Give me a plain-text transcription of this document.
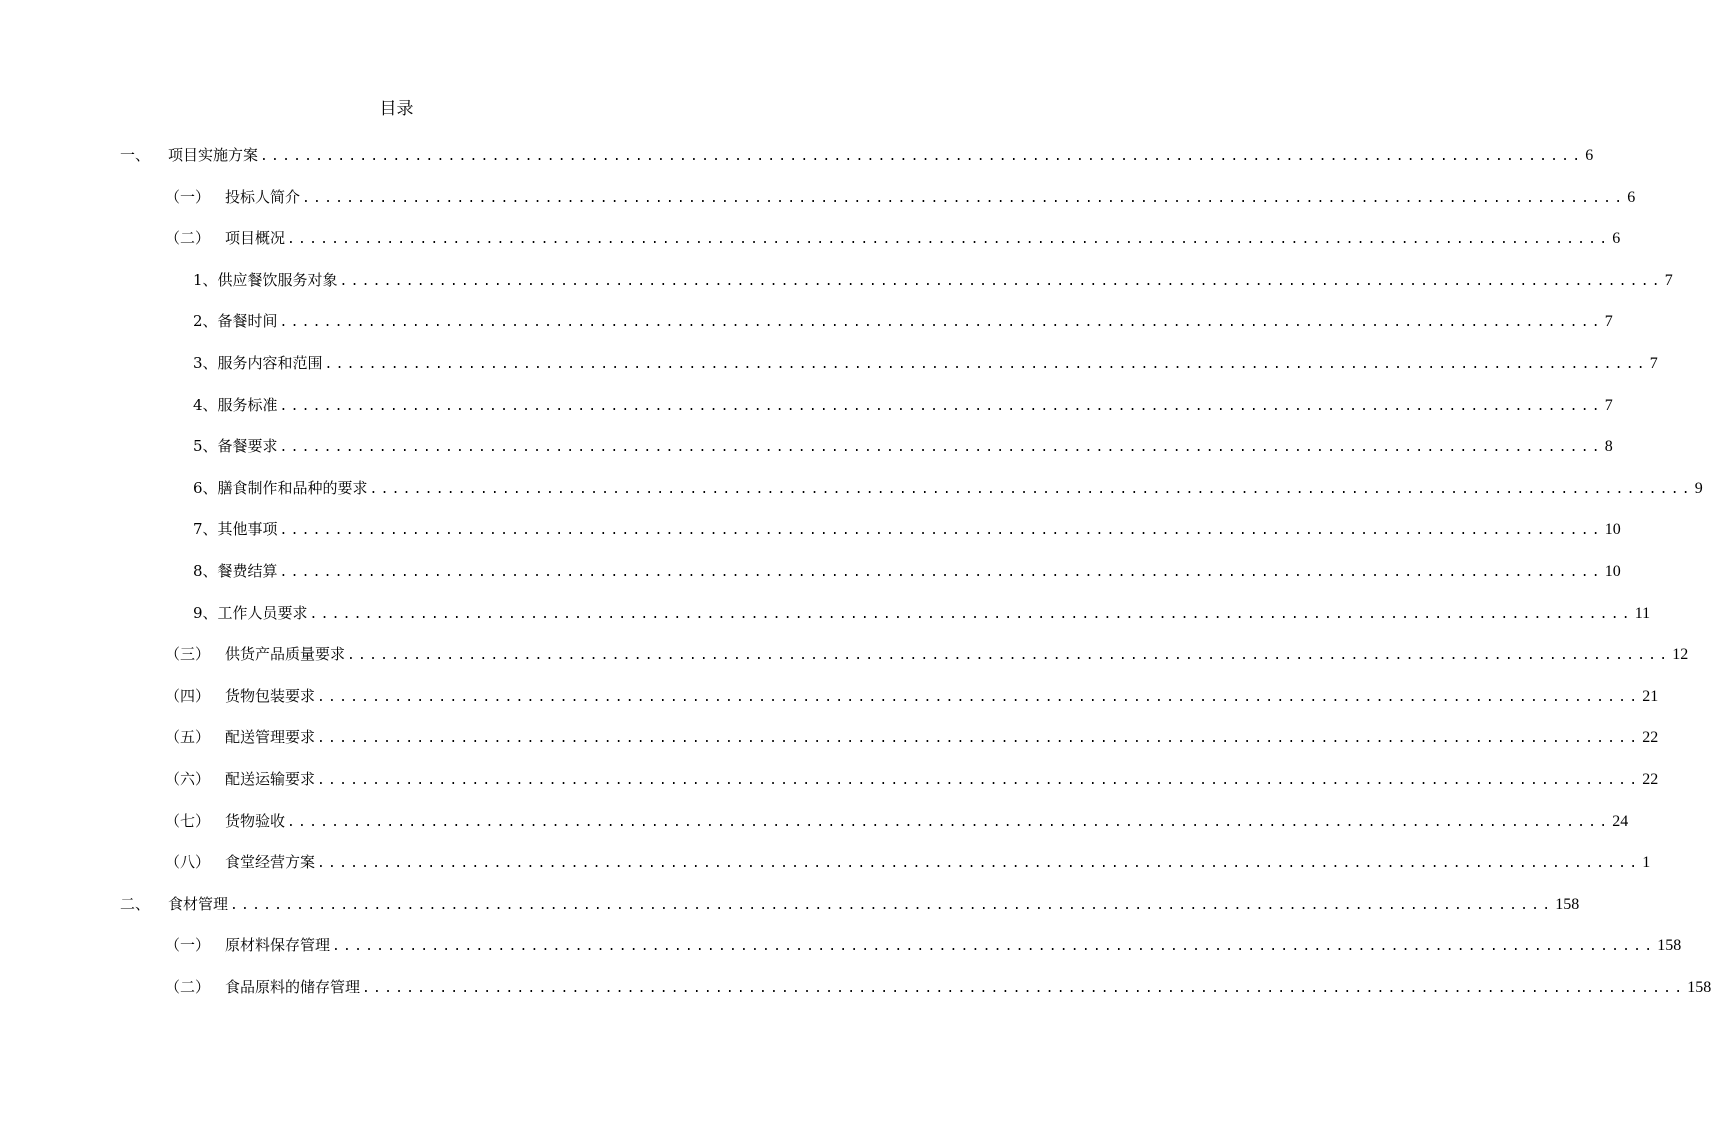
目录
一、	项目实施方案 ........................................................................................................................ 6
（一） 投标人简介 ........................................................................................................................ 6
（二） 项目概况 ........................................................................................................................ 6
1、供应餐饮服务对象 ........................................................................................................................ 7
2、备餐时间 ........................................................................................................................ 7
3、服务内容和范围 ........................................................................................................................ 7
4、服务标准 ........................................................................................................................ 7
5、备餐要求 ........................................................................................................................ 8
6、膳食制作和品种的要求 ........................................................................................................................ 9
7、其他事项 ........................................................................................................................ 10
8、餐费结算 ........................................................................................................................ 10
9、工作人员要求 ........................................................................................................................ 11
（三） 供货产品质量要求 ........................................................................................................................ 12
（四） 货物包装要求 ........................................................................................................................ 21
（五） 配送管理要求 ........................................................................................................................ 22
（六） 配送运输要求 ........................................................................................................................ 22
（七） 货物验收 ........................................................................................................................ 24
（八） 食堂经营方案 ........................................................................................................................ 1
二、	食材管理 ........................................................................................................................ 158
（一） 原材料保存管理 ........................................................................................................................ 158
（二） 食品原料的储存管理 ........................................................................................................................ 158
